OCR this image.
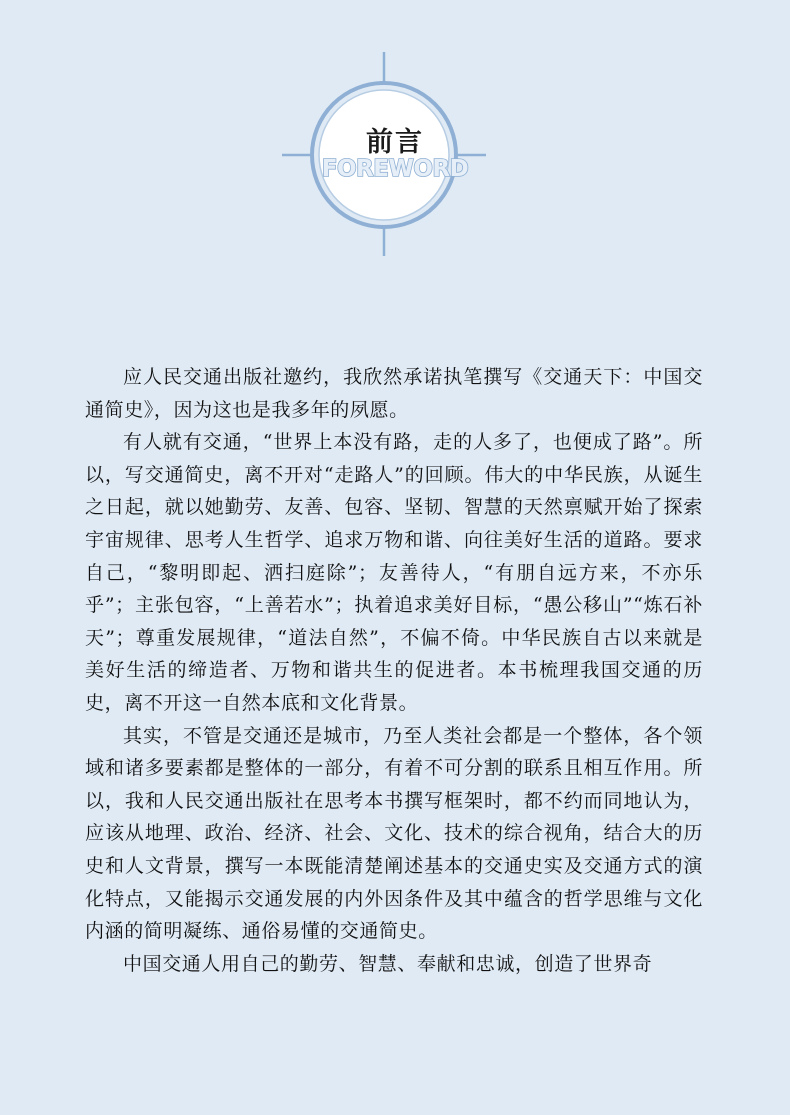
前言
FOREWORD

应人民交通出版社邀约，我欣然承诺执笔撰写《交通天下：中国交通简史》，因为这也是我多年的夙愿。

有人就有交通，“世界上本没有路，走的人多了，也便成了路”。所以，写交通简史，离不开对“走路人”的回顾。伟大的中华民族，从诞生之日起，就以她勤劳、友善、包容、坚韧、智慧的天然禀赋开始了探索宇宙规律、思考人生哲学、追求万物和谐、向往美好生活的道路。要求自己，“黎明即起、洒扫庭除”；友善待人，“有朋自远方来，不亦乐乎”；主张包容，“上善若水”；执着追求美好目标，“愚公移山”“炼石补天”；尊重发展规律，“道法自然”，不偏不倚。中华民族自古以来就是美好生活的缔造者、万物和谐共生的促进者。本书梳理我国交通的历史，离不开这一自然本底和文化背景。

其实，不管是交通还是城市，乃至人类社会都是一个整体，各个领域和诸多要素都是整体的一部分，有着不可分割的联系且相互作用。所以，我和人民交通出版社在思考本书撰写框架时，都不约而同地认为，应该从地理、政治、经济、社会、文化、技术的综合视角，结合大的历史和人文背景，撰写一本既能清楚阐述基本的交通史实及交通方式的演化特点，又能揭示交通发展的内外因条件及其中蕴含的哲学思维与文化内涵的简明凝练、通俗易懂的交通简史。

中国交通人用自己的勤劳、智慧、奉献和忠诚，创造了世界奇
